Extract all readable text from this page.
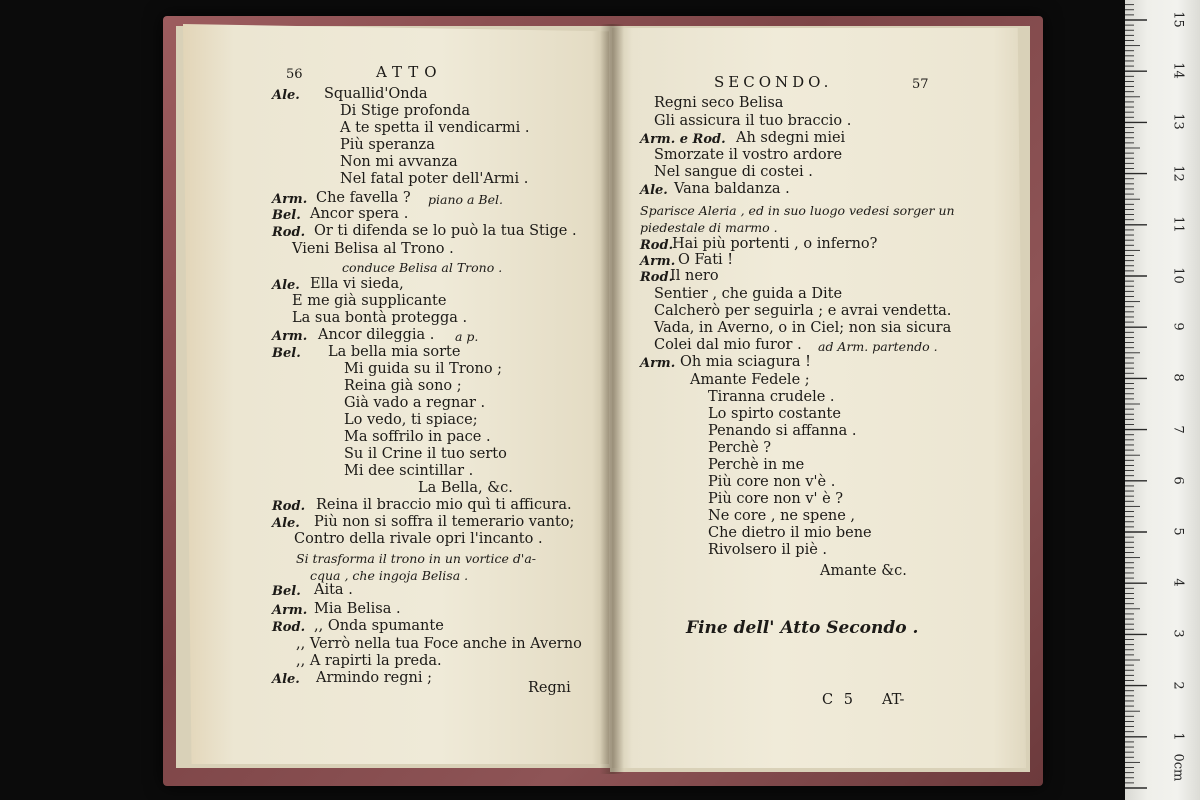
56	ATTO
SECONDO.	57
Ale. Squallid'Onda
Di Stige profonda
A te spetta il vendicarmi .
Più speranza
Non mi avvanza
Nel fatal poter dell'Armi .
Arm. Che favella ? piano a Bel.
Bel. Ancor spera .
Rod. Or ti difenda se lo può la tua Stige .
Vieni Belisa al Trono .
conduce Belisa al Trono .
Ale. Ella vi sieda,
E me già supplicante
La sua bontà protegga .
Arm. Ancor dileggia . a p.
Bel. La bella mia sorte
Mi guida su il Trono ;
Reina già sono ;
Già vado a regnar .
Lo vedo, ti spiace;
Ma soffrilo in pace .
Su il Crine il tuo serto
Mi dee scintillar .
La Bella, &c.
Rod. Reina il braccio mio quì ti afficura.
Ale. Più non si soffra il temerario vanto;
Contro della rivale opri l'incanto .
Si trasforma il trono in un vortice d'a-
cqua , che ingoja Belisa .
Bel. Aita .
Arm. Mia Belisa .
Rod. ,, Onda spumante
,, Verrò nella tua Foce anche in Averno
,, A rapirti la preda.
Ale. Armindo regni ;
Regni seco Belisa
Gli assicura il tuo braccio .
Arm. e Rod. Ah sdegni miei
Smorzate il vostro ardore
Nel sangue di costei .
Ale. Vana baldanza .
Sparisce Aleria , ed in suo luogo vedesi sorger un
piedestale di marmo .
Rod.
Hai più portenti , o inferno?
Arm. O Fati !
Rod.
Il nero
Sentier , che guida a Dite
Calcherò per seguirla ; e avrai vendetta.
Vada, in Averno, o in Ciel; non sia sicura
Colei dal mio furor . ad Arm. partendo .
Arm. Oh mia sciagura !
Amante Fedele ;
Tiranna crudele .
Lo spirto costante
Penando si affanna .
Perchè ?
Perchè in me
Più core non v'è .
Più core non v' è ?
Ne core , ne spene ,
Che dietro il mio bene
Rivolsero il piè .
Amante &c.
Regni
Fine dell' Atto Secondo .
C 5 AT-
0cm
1
2
3
4
5
6
7
8
9
10
11
12
13
14
15
